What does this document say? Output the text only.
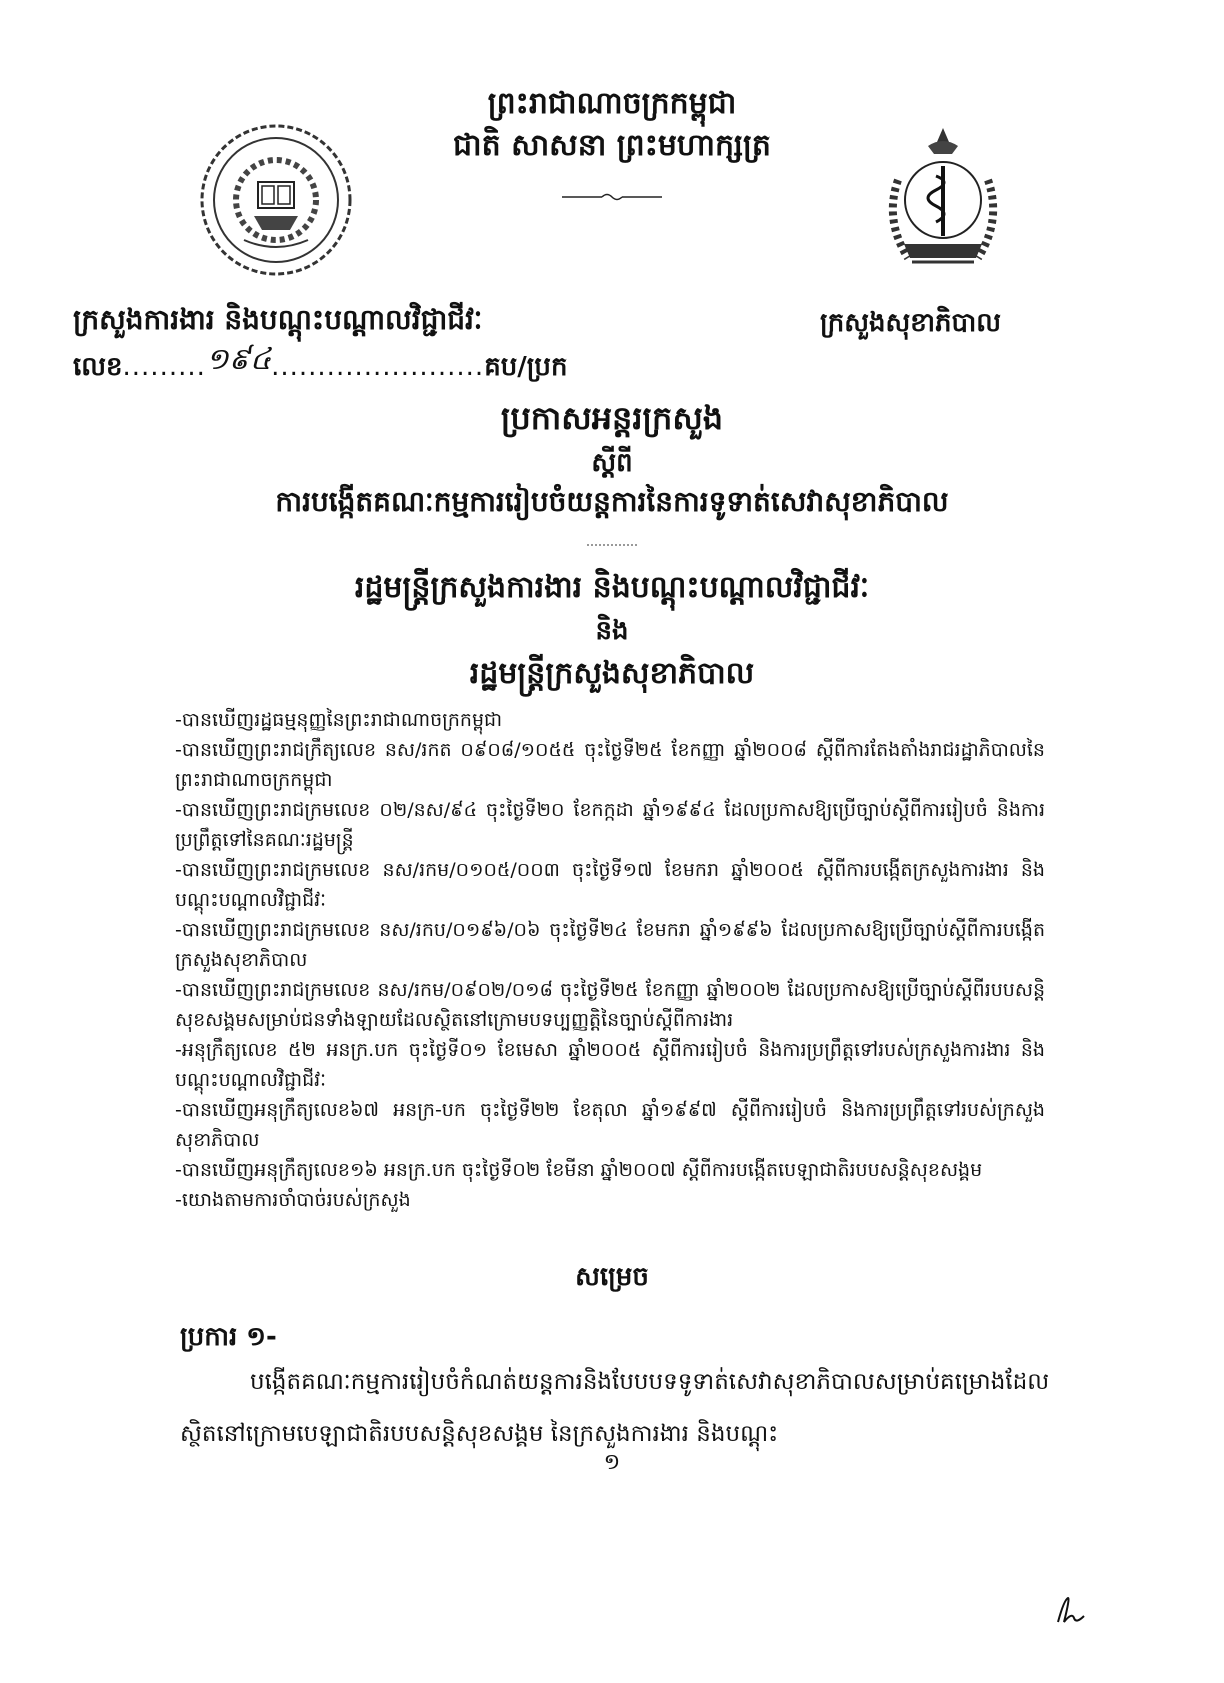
ព្រះរាជាណាចក្រកម្ពុជា
ជាតិ សាសនា ព្រះមហាក្សត្រ
ក្រសួងការងារ និងបណ្តុះបណ្តាលវិជ្ជាជីវៈ
លេខ.........១៩៤.......................គប/ប្រក
ក្រសួងសុខាភិបាល
ប្រកាសអន្តរក្រសួង
ស្តីពី
ការបង្កើតគណៈកម្មការរៀបចំយន្តការនៃការទូទាត់សេវាសុខាភិបាល
រដ្ឋមន្ត្រីក្រសួងការងារ និងបណ្តុះបណ្តាលវិជ្ជាជីវៈ
និង
រដ្ឋមន្ត្រីក្រសួងសុខាភិបាល
-បានឃើញរដ្ឋធម្មនុញ្ញនៃព្រះរាជាណាចក្រកម្ពុជា
-បានឃើញព្រះរាជក្រឹត្យលេខ នស/រកត ០៩០៨/១០៥៥ ចុះថ្ងៃទី២៥ ខែកញ្ញា ឆ្នាំ២០០៨ ស្តីពីការតែងតាំងរាជរដ្ឋាភិបាលនៃព្រះរាជាណាចក្រកម្ពុជា
-បានឃើញព្រះរាជក្រមលេខ ០២/នស/៩៤ ចុះថ្ងៃទី២០ ខែកក្កដា ឆ្នាំ១៩៩៤ ដែលប្រកាសឱ្យប្រើច្បាប់ស្តីពីការរៀបចំ និងការប្រព្រឹត្តទៅនៃគណៈរដ្ឋមន្ត្រី
-បានឃើញព្រះរាជក្រមលេខ នស/រកម/០១០៥/០០៣ ចុះថ្ងៃទី១៧ ខែមករា ឆ្នាំ២០០៥ ស្តីពីការបង្កើតក្រសួងការងារ និងបណ្តុះបណ្តាលវិជ្ជាជីវៈ
-បានឃើញព្រះរាជក្រមលេខ នស/រកប/០១៩៦/០៦ ចុះថ្ងៃទី២៤ ខែមករា ឆ្នាំ១៩៩៦ ដែលប្រកាសឱ្យប្រើច្បាប់ស្តីពីការបង្កើតក្រសួងសុខាភិបាល
-បានឃើញព្រះរាជក្រមលេខ នស/រកម/០៩០២/០១៨ ចុះថ្ងៃទី២៥ ខែកញ្ញា ឆ្នាំ២០០២ ដែលប្រកាសឱ្យប្រើច្បាប់ស្តីពីរបបសន្តិសុខសង្គមសម្រាប់ជនទាំងឡាយដែលស្ថិតនៅក្រោមបទប្បញ្ញត្តិនៃច្បាប់ស្តីពីការងារ
-អនុក្រឹត្យលេខ ៥២ អនក្រ.បក ចុះថ្ងៃទី០១ ខែមេសា ឆ្នាំ២០០៥ ស្តីពីការរៀបចំ និងការប្រព្រឹត្តទៅរបស់ក្រសួងការងារ និងបណ្តុះបណ្តាលវិជ្ជាជីវៈ
-បានឃើញអនុក្រឹត្យលេខ៦៧ អនក្រ-បក ចុះថ្ងៃទី២២ ខែតុលា ឆ្នាំ១៩៩៧ ស្តីពីការរៀបចំ និងការប្រព្រឹត្តទៅរបស់ក្រសួងសុខាភិបាល
-បានឃើញអនុក្រឹត្យលេខ១៦ អនក្រ.បក ចុះថ្ងៃទី០២ ខែមីនា ឆ្នាំ២០០៧ ស្តីពីការបង្កើតបេឡាជាតិរបបសន្តិសុខសង្គម
-យោងតាមការចាំបាច់របស់ក្រសួង
សម្រេច
ប្រការ ១-
បង្កើតគណៈកម្មការរៀបចំកំណត់យន្តការនិងបែបបទទូទាត់សេវាសុខាភិបាលសម្រាប់គម្រោងដែលស្ថិតនៅក្រោមបេឡាជាតិរបបសន្តិសុខសង្គម នៃក្រសួងការងារ និងបណ្តុះ
១
